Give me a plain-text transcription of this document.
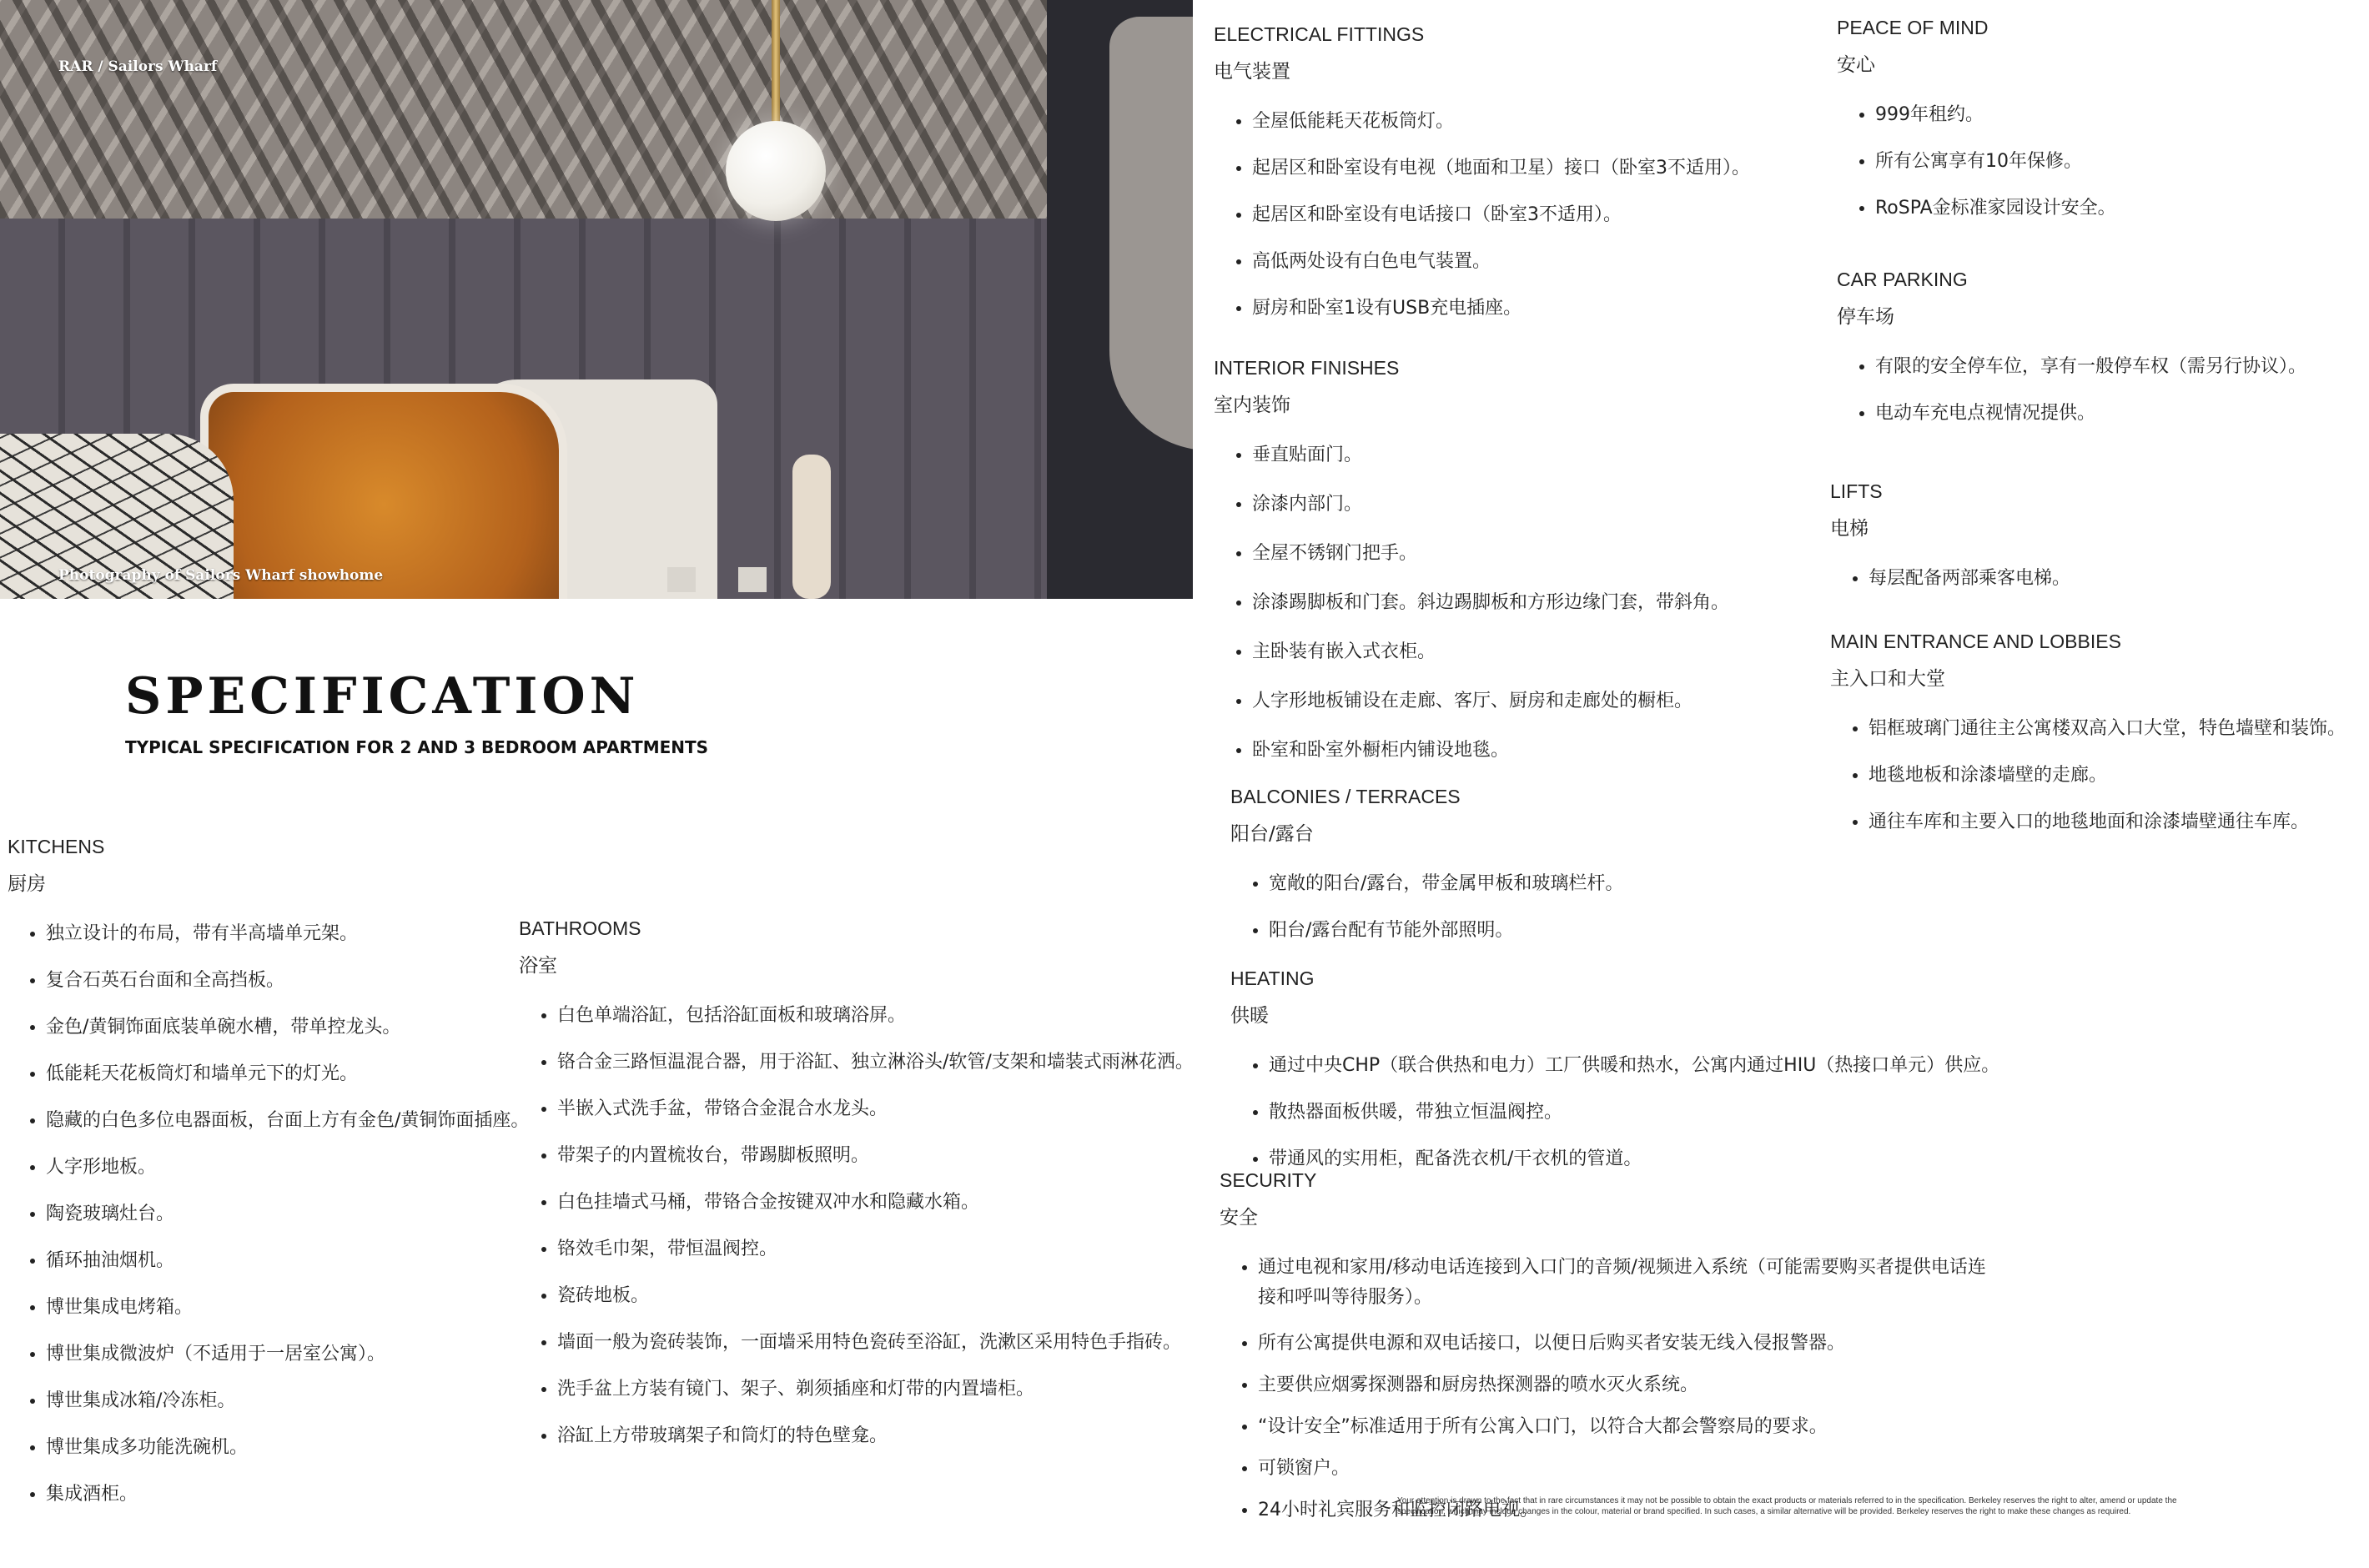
RAR / Sailors Wharf
Photography of Sailors Wharf showhome
SPECIFICATION
TYPICAL SPECIFICATION FOR 2 AND 3 BEDROOM APARTMENTS

KITCHENS

厨房

• 独立设计的布局，带有半高墙单元架。
• 复合石英石台面和全高挡板。
• 金色/黄铜饰面底装单碗水槽，带单控龙头。
• 低能耗天花板筒灯和墙单元下的灯光。
• 隐藏的白色多位电器面板，台面上方有金色/黄铜饰面插座。
• 人字形地板。
• 陶瓷玻璃灶台。
• 循环抽油烟机。
• 博世集成电烤箱。
• 博世集成微波炉（不适用于一居室公寓）。
• 博世集成冰箱/冷冻柜。
• 博世集成多功能洗碗机。
• 集成酒柜。

BATHROOMS

浴室

• 白色单端浴缸，包括浴缸面板和玻璃浴屏。
• 铬合金三路恒温混合器，用于浴缸、独立淋浴头/软管/支架和墙装式雨淋花洒。
• 半嵌入式洗手盆，带铬合金混合水龙头。
• 带架子的内置梳妆台，带踢脚板照明。
• 白色挂墙式马桶，带铬合金按键双冲水和隐藏水箱。
• 铬效毛巾架，带恒温阀控。
• 瓷砖地板。
• 墙面一般为瓷砖装饰，一面墙采用特色瓷砖至浴缸，洗漱区采用特色手指砖。
• 洗手盆上方装有镜门、架子、剃须插座和灯带的内置墙柜。
• 浴缸上方带玻璃架子和筒灯的特色壁龛。

ELECTRICAL FITTINGS

电气装置

• 全屋低能耗天花板筒灯。
• 起居区和卧室设有电视（地面和卫星）接口（卧室3不适用）。
• 起居区和卧室设有电话接口（卧室3不适用）。
• 高低两处设有白色电气装置。
• 厨房和卧室1设有USB充电插座。

INTERIOR FINISHES

室内装饰

• 垂直贴面门。
• 涂漆内部门。
• 全屋不锈钢门把手。
• 涂漆踢脚板和门套。斜边踢脚板和方形边缘门套，带斜角。
• 主卧装有嵌入式衣柜。
• 人字形地板铺设在走廊、客厅、厨房和走廊处的橱柜。
• 卧室和卧室外橱柜内铺设地毯。

BALCONIES / TERRACES

阳台/露台

• 宽敞的阳台/露台，带金属甲板和玻璃栏杆。
• 阳台/露台配有节能外部照明。

HEATING

供暖

• 通过中央CHP（联合供热和电力）工厂供暖和热水，公寓内通过HIU（热接口单元）供应。
• 散热器面板供暖，带独立恒温阀控。
• 带通风的实用柜，配备洗衣机/干衣机的管道。

SECURITY

安全

• 通过电视和家用/移动电话连接到入口门的音频/视频进入系统（可能需要购买者提供电话连接和呼叫等待服务）。
• 所有公寓提供电源和双电话接口，以便日后购买者安装无线入侵报警器。
• 主要供应烟雾探测器和厨房热探测器的喷水灭火系统。
• “设计安全”标准适用于所有公寓入口门，以符合大都会警察局的要求。
• 可锁窗户。
• 24小时礼宾服务和监控闭路电视。

PEACE OF MIND

安心

• 999年租约。
• 所有公寓享有10年保修。
• RoSPA金标准家园设计安全。

CAR PARKING

停车场

• 有限的安全停车位，享有一般停车权（需另行协议）。
• 电动车充电点视情况提供。

LIFTS

电梯

• 每层配备两部乘客电梯。

MAIN ENTRANCE AND LOBBIES

主入口和大堂

• 铝框玻璃门通往主公寓楼双高入口大堂，特色墙壁和装饰。
• 地毯地板和涂漆墙壁的走廊。
• 通往车库和主要入口的地毯地面和涂漆墙壁通往车库。
Your attention is drawn to the fact that in rare circumstances it may not be possible to obtain the exact products or materials referred to in the specification. Berkeley reserves the right to alter, amend or update the specification, which may include changes in the colour, material or brand specified. In such cases, a similar alternative will be provided. Berkeley reserves the right to make these changes as required.
